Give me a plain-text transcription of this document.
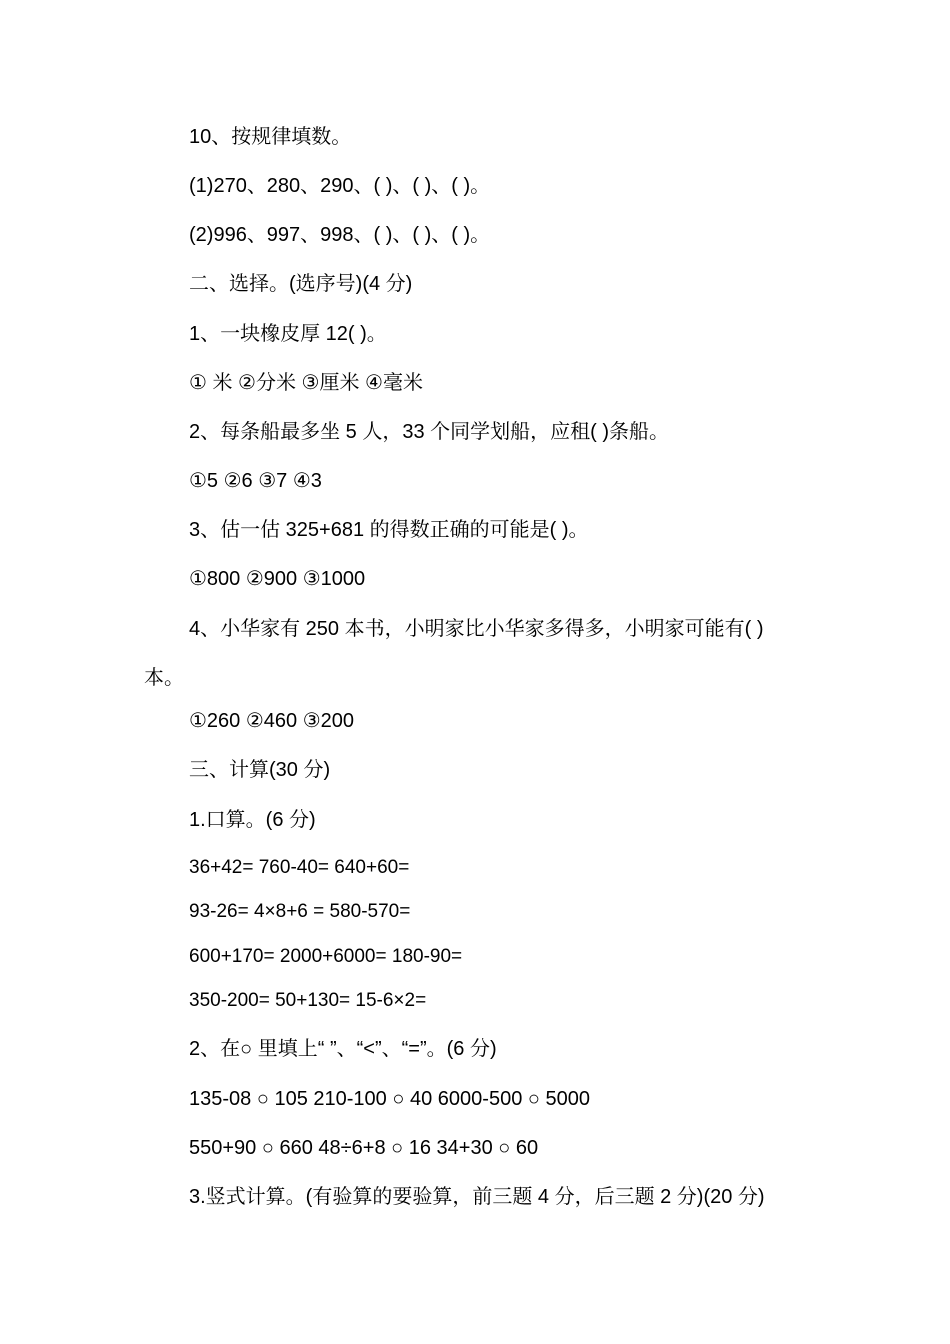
10、按规律填数。
(1)270、280、290、( )、( )、( )。
(2)996、997、998、( )、( )、( )。
二、选择。(选序号)(4 分)
1、一块橡皮厚 12( )。
① 米 ②分米 ③厘米 ④毫米
2、每条船最多坐 5 人，33 个同学划船，应租( )条船。
①5 ②6 ③7 ④3
3、估一估 325+681 的得数正确的可能是( )。
①800 ②900 ③1000
4、小华家有 250 本书，小明家比小华家多得多，小明家可能有( )
本。
①260 ②460 ③200
三、计算(30 分)
1.口算。(6 分)
36+42= 760-40= 640+60=
93-26= 4×8+6 = 580-570=
600+170= 2000+6000= 180-90=
350-200= 50+130= 15-6×2=
2、在○ 里填上“ ”、“<”、“=”。(6 分)
135-08 ○ 105 210-100 ○ 40 6000-500 ○ 5000
550+90 ○ 660 48÷6+8 ○ 16 34+30 ○ 60
3.竖式计算。(有验算的要验算，前三题 4 分，后三题 2 分)(20 分)
